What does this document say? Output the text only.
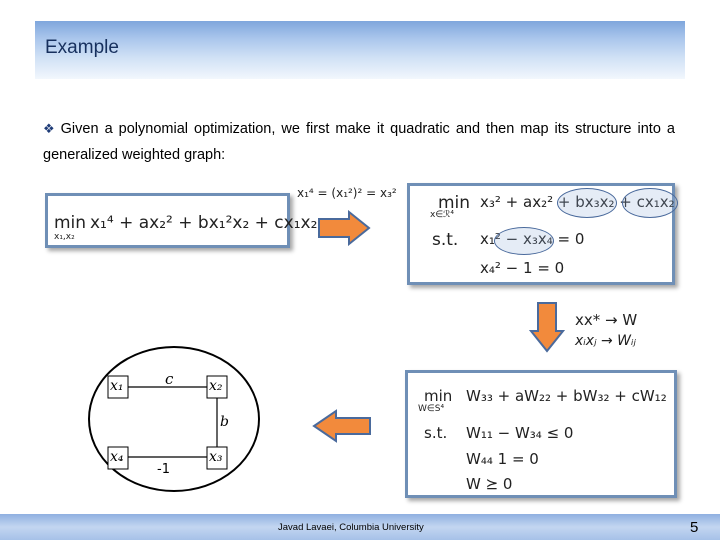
Example
❖ Given a polynomial optimization, we first make it quadratic and then map its structure into a generalized weighted graph:
x₁⁴ = (x₁²)² = x₃²
min
x₁,x₂
x₁⁴ + ax₂² + bx₁²x₂ + cx₁x₂
min
x∈ℛ⁴
x₃² + ax₂² + bx₃x₂ + cx₁x₂
s.t. x₁² − x₃x₄ = 0
x₄² − 1 = 0
xx* → W
xᵢxⱼ → Wᵢⱼ
min
W∈S⁴
W₃₃ + aW₂₂ + bW₃₂ + cW₁₂
s.t. W₁₁ − W₃₄ ≤ 0
W₄₄ 1 = 0
W ⪰ 0
x₁	x₂
x₃
x₄
c
b
-1
Javad Lavaei, Columbia University	5
